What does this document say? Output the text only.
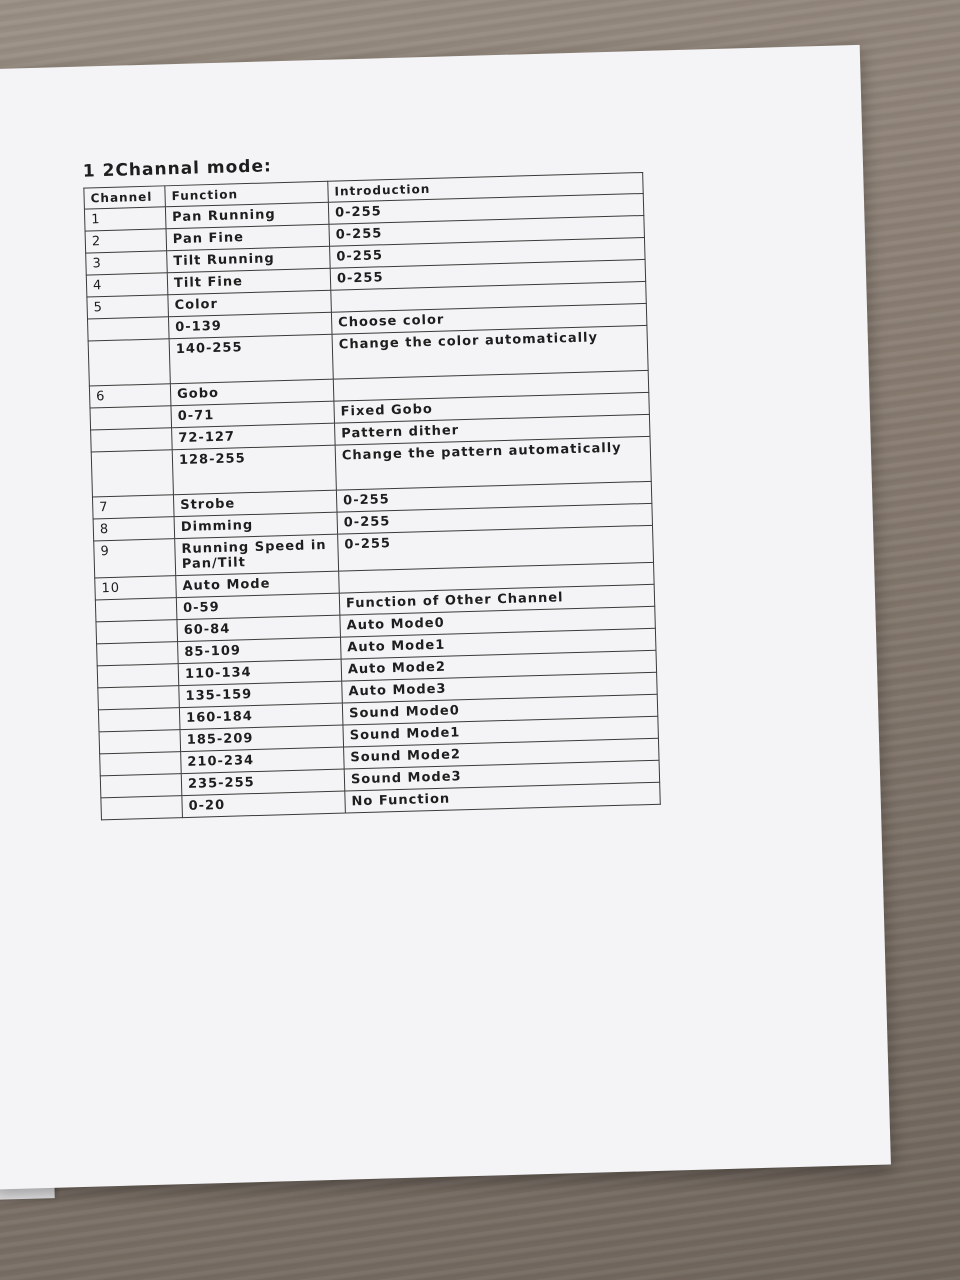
1 2Channal mode:
Channel	Function	Introduction
1	Pan Running	0-255
2	Pan Fine	0-255
3	Tilt Running	0-255
4	Tilt Fine	0-255
5	Color	
	0-139	Choose color
	140-255	Change the color automatically
6	Gobo	
	0-71	Fixed Gobo
	72-127	Pattern dither
	128-255	Change the pattern automatically
7	Strobe	0-255
8	Dimming	0-255
9	Running Speed in Pan/Tilt	0-255
10	Auto Mode	
	0-59	Function of Other Channel
	60-84	Auto Mode0
	85-109	Auto Mode1
	110-134	Auto Mode2
	135-159	Auto Mode3
	160-184	Sound Mode0
	185-209	Sound Mode1
	210-234	Sound Mode2
	235-255	Sound Mode3
	0-20	No Function
